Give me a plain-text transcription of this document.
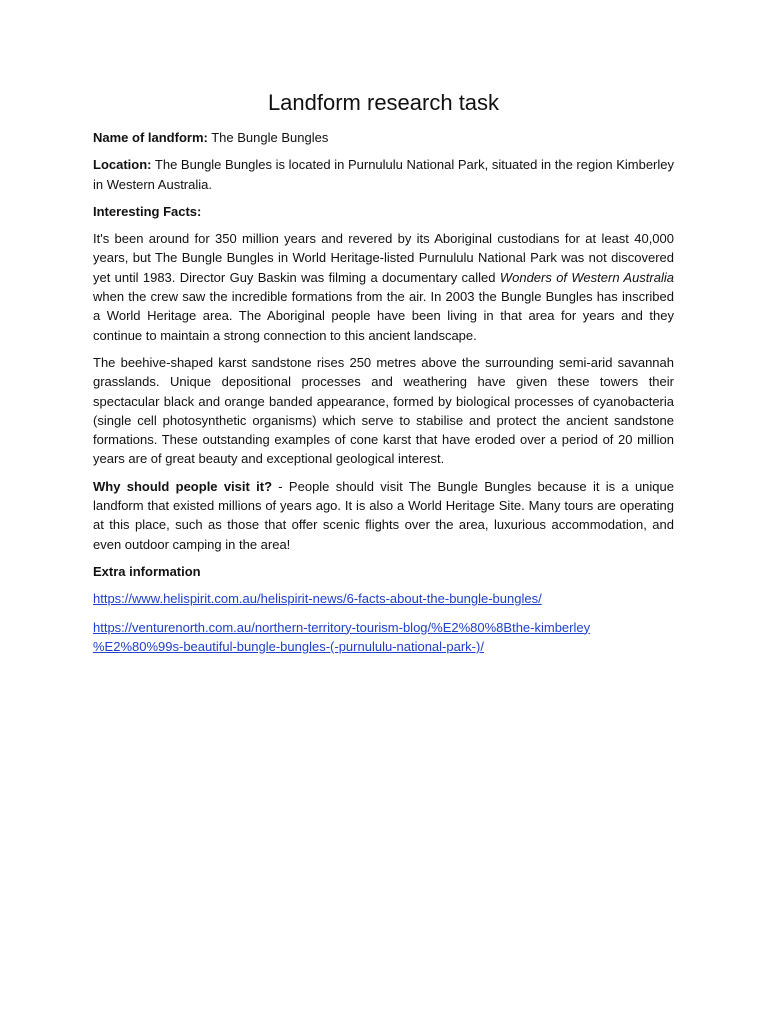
Landform research task

Name of landform: The Bungle Bungles

Location: The Bungle Bungles is located in Purnululu National Park, situated in the region Kimberley in Western Australia.

Interesting Facts:

It's been around for 350 million years and revered by its Aboriginal custodians for at least 40,000 years, but The Bungle Bungles in World Heritage-listed Purnululu National Park was not discovered yet until 1983. Director Guy Baskin was filming a documentary called Wonders of Western Australia when the crew saw the incredible formations from the air. In 2003 the Bungle Bungles has inscribed a World Heritage area. The Aboriginal people have been living in that area for years and they continue to maintain a strong connection to this ancient landscape.

The beehive-shaped karst sandstone rises 250 metres above the surrounding semi-arid savannah grasslands. Unique depositional processes and weathering have given these towers their spectacular black and orange banded appearance, formed by biological processes of cyanobacteria (single cell photosynthetic organisms) which serve to stabilise and protect the ancient sandstone formations. These outstanding examples of cone karst that have eroded over a period of 20 million years are of great beauty and exceptional geological interest.

Why should people visit it? - People should visit The Bungle Bungles because it is a unique landform that existed millions of years ago. It is also a World Heritage Site. Many tours are operating at this place, such as those that offer scenic flights over the area, luxurious accommodation, and even outdoor camping in the area!

Extra information

https://www.helispirit.com.au/helispirit-news/6-facts-about-the-bungle-bungles/

https://venturenorth.com.au/northern-territory-tourism-blog/%E2%80%8Bthe-kimberley
%E2%80%99s-beautiful-bungle-bungles-(-purnululu-national-park-)/
